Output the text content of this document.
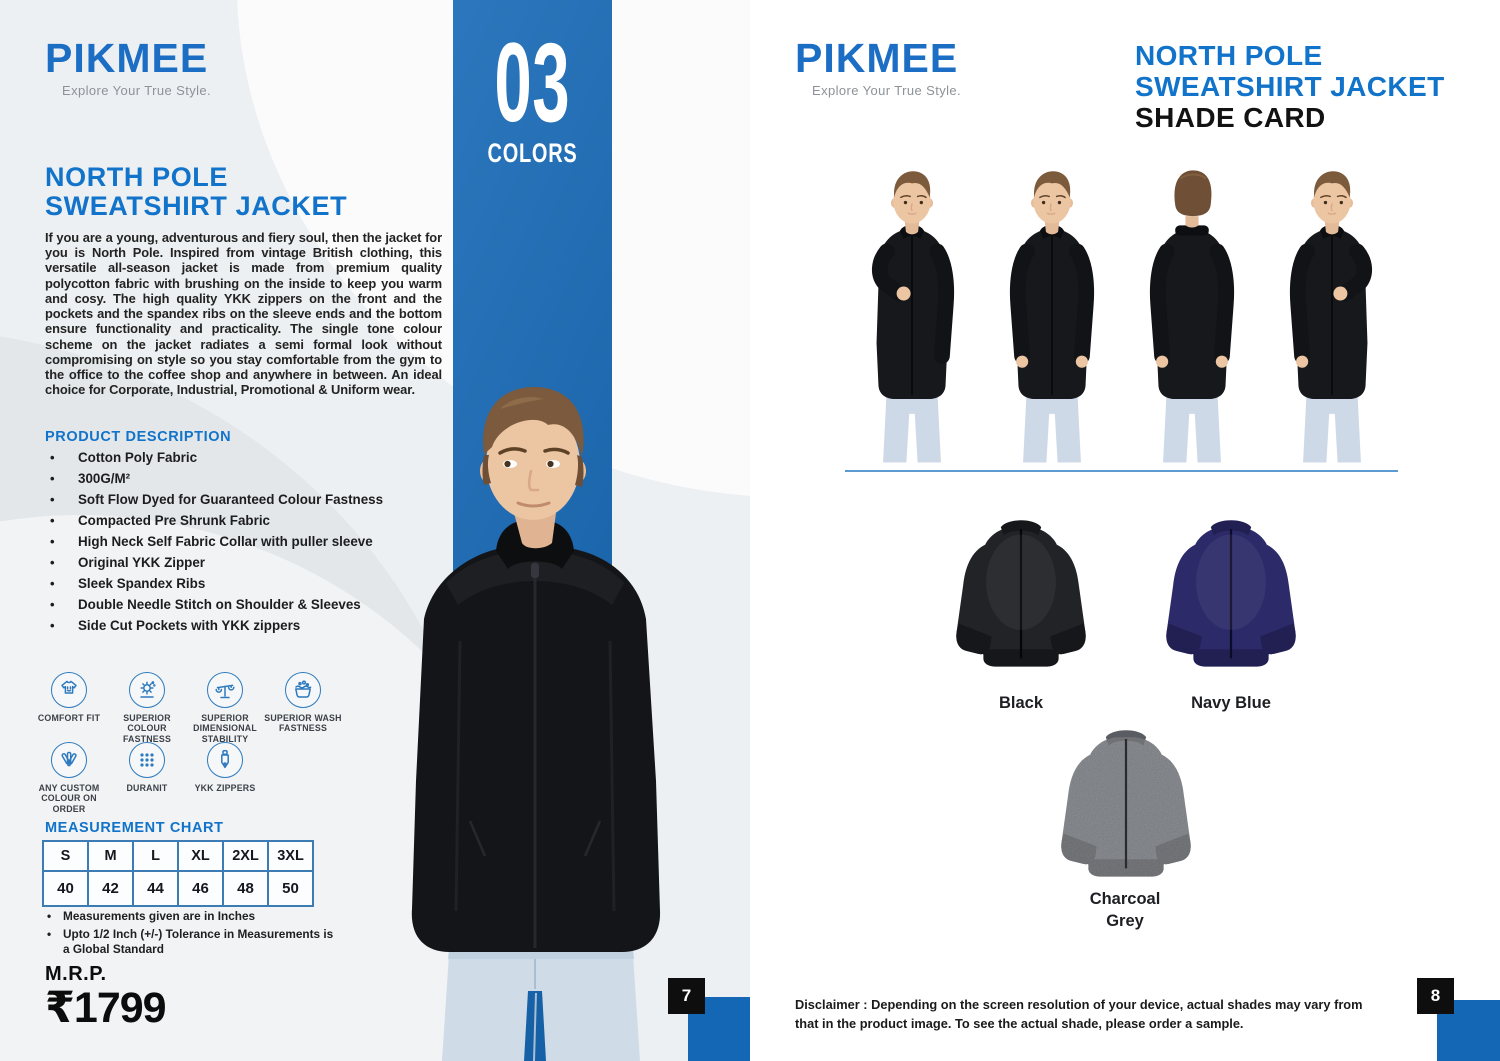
03
COLORS
PIKMEE
Explore Your True Style.
NORTH POLE
SWEATSHIRT JACKET

If you are a young, adventurous and fiery soul, then the jacket for you is North Pole. Inspired from vintage British clothing, this versatile all-season jacket is made from premium quality polycotton fabric with brushing on the inside to keep you warm and cosy. The high quality YKK zippers on the front and the pockets and the spandex ribs on the sleeve ends and the bottom ensure functionality and practicality. The single tone colour scheme on the jacket radiates a semi formal look without compromising on style so you stay comfortable from the gym to the office to the coffee shop and anywhere in between. An ideal choice for Corporate, Industrial, Promotional & Uniform wear.

PRODUCT DESCRIPTION
• Cotton Poly Fabric
• 300G/M²
• Soft Flow Dyed for Guaranteed Colour Fastness
• Compacted Pre Shrunk Fabric
• High Neck Self Fabric Collar with puller sleeve
• Original YKK Zipper
• Sleek Spandex Ribs
• Double Needle Stitch on Shoulder & Sleeves
• Side Cut Pockets with YKK zippers
COMFORT FIT	SUPERIOR COLOUR FASTNESS
SUPERIOR DIMENSIONAL STABILITY
SUPERIOR WASH FASTNESS
ANY CUSTOM COLOUR ON ORDER
DURANIT	YKK ZIPPERS
MEASUREMENT CHART
S	M	L	XL	2XL	3XL
40	42	44	46	48	50
• Measurements given are in Inches
• Upto 1/2 Inch (+/-) Tolerance in Measurements is a Global Standard
M.R.P.
₹1799	7
PIKMEE
Explore Your True Style.
NORTH POLE
SWEATSHIRT JACKET
SHADE CARD
Black	Navy Blue
Charcoal Grey

Disclaimer : Depending on the screen resolution of your device, actual shades may vary from that in the product image. To see the actual shade, please order a sample.

8
